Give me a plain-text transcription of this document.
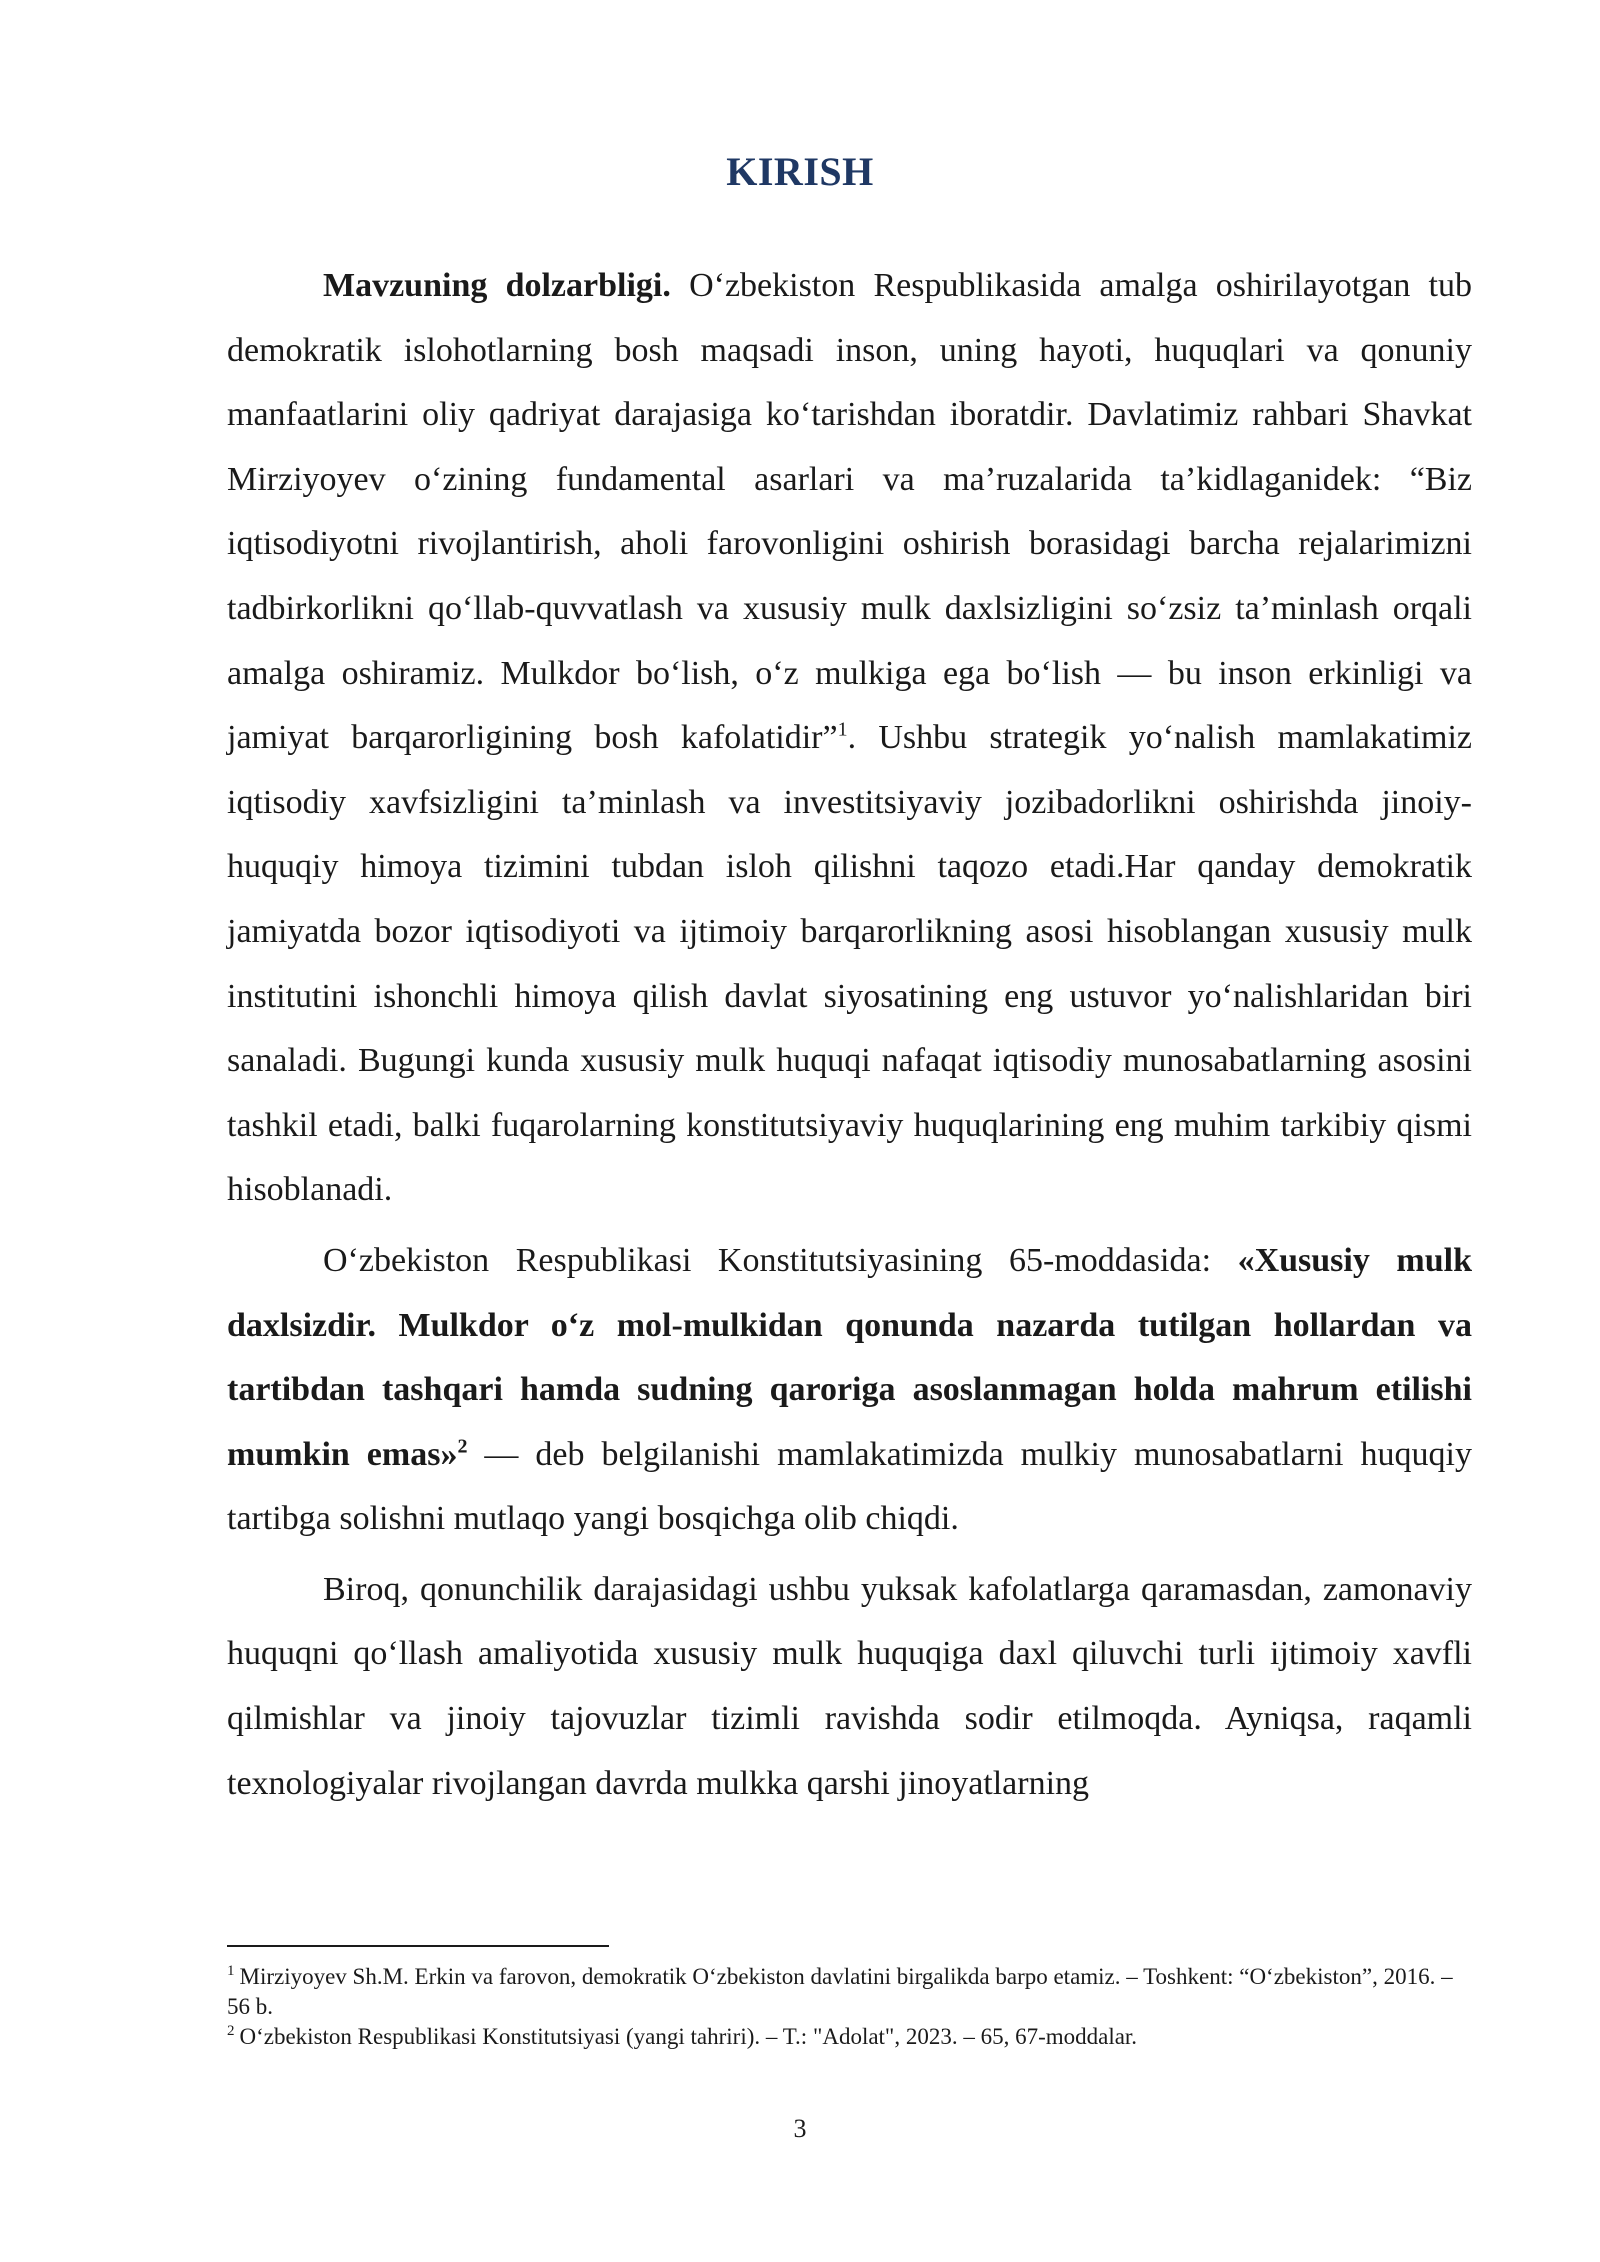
KIRISH

Mavzuning dolzarbligi. O‘zbekiston Respublikasida amalga oshirilayotgan tub demokratik islohotlarning bosh maqsadi inson, uning hayoti, huquqlari va qonuniy manfaatlarini oliy qadriyat darajasiga ko‘tarishdan iboratdir. Davlatimiz rahbari Shavkat Mirziyoyev o‘zining fundamental asarlari va ma’ruzalarida ta’kidlaganidek: “Biz iqtisodiyotni rivojlantirish, aholi farovonligini oshirish borasidagi barcha rejalarimizni tadbirkorlikni qo‘llab-quvvatlash va xususiy mulk daxlsizligini so‘zsiz ta’minlash orqali amalga oshiramiz. Mulkdor bo‘lish, o‘z mulkiga ega bo‘lish — bu inson erkinligi va jamiyat barqarorligining bosh kafolatidir”$^1$. Ushbu strategik yo‘nalish mamlakatimiz iqtisodiy xavfsizligini ta’minlash va investitsiyaviy jozibadorlikni oshirishda jinoiy-huquqiy himoya tizimini tubdan isloh qilishni taqozo etadi.Har qanday demokratik jamiyatda bozor iqtisodiyoti va ijtimoiy barqarorlikning asosi hisoblangan xususiy mulk institutini ishonchli himoya qilish davlat siyosatining eng ustuvor yo‘nalishlaridan biri sanaladi. Bugungi kunda xususiy mulk huquqi nafaqat iqtisodiy munosabatlarning asosini tashkil etadi, balki fuqarolarning konstitutsiyaviy huquqlarining eng muhim tarkibiy qismi hisoblanadi.

O‘zbekiston Respublikasi Konstitutsiyasining 65-moddasida: «Xususiy mulk daxlsizdir. Mulkdor o‘z mol-mulkidan qonunda nazarda tutilgan hollardan va tartibdan tashqari hamda sudning qaroriga asoslanmagan holda mahrum etilishi mumkin emas»$^2$ — deb belgilanishi mamlakatimizda mulkiy munosabatlarni huquqiy tartibga solishni mutlaqo yangi bosqichga olib chiqdi.

Biroq, qonunchilik darajasidagi ushbu yuksak kafolatlarga qaramasdan, zamonaviy huquqni qo‘llash amaliyotida xususiy mulk huquqiga daxl qiluvchi turli ijtimoiy xavfli qilmishlar va jinoiy tajovuzlar tizimli ravishda sodir etilmoqda. Ayniqsa, raqamli texnologiyalar rivojlangan davrda mulkka qarshi jinoyatlarning

$^1$ Mirziyoyev Sh.M. Erkin va farovon, demokratik O‘zbekiston davlatini birgalikda barpo etamiz. – Toshkent: “O‘zbekiston”, 2016. – 56 b.

$^2$ O‘zbekiston Respublikasi Konstitutsiyasi (yangi tahriri). – T.: "Adolat", 2023. – 65, 67-moddalar.

3
